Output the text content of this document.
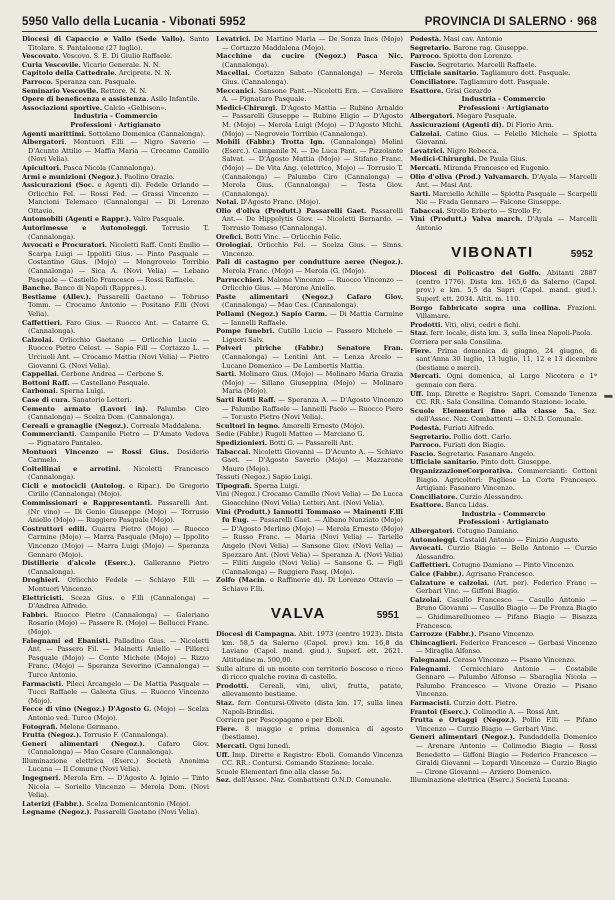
5950 Vallo della Lucania - Vibonati 5952	PROVINCIA DI SALERNO · 968

Diocesi di Capaccio e Vallo (Sede Vallo). Santo Titolare. S. Pantaleone (27 luglio).

Vescovato. Vescovo. S. E. Di Giulio Raffaele.

Curia Vescovile. Vicario Generale. N. N.

Capitolo della Cattedrale. Arciprete. N. N.

Parroco. Speranza can. Pasquale.

Seminario Vescovile. Rettore. N. N.

Opere di beneficenza e assistenza. Asilo Infantile.

Associazioni sportive. Calcio «Gelbison».

Industria - Commercio

Professioni · Artigianato

Agenti marittimi. Sottolano Domenica (Cannalonga).

Albergatori. Montuori F.lli — Nigro Saverio — D'Acunto Attilio — Maffia Maria — Crocamo Camillo (Novi Velia).

Apicultori. Pasca Nicola (Cannalonga).

Armi e munizioni (Negoz.). Paolino Orazio.

Assicurazioni (Soc. e Agenti di). Fedele Orlando — Orlicchio Fel. — Rossi Fed. — Grassi Vincenzo — Mancioni Telemaco (Cannalonga) — Di Lorenzo Ottavio.

Automobili (Agenti e Rappr.). Valro Pasquale.

Autorimesse e Autonoleggi. Torrusio T. (Cannalonga).

Avvocati e Procuratori. Nicoletti Raff. Conti Emilio — Scarpa Luigi — Ippoliti Gius. — Pinto Pasquale — Costantino Gius. (Mojo) — Mongroveio Torribio (Cannalonga) — Sica A. (Novi Velia) — Lebano Pasquale — Castiello Francesco — Rossi Raffaele.

Banche. Banco di Napoli (Rappres.).

Bestiame (Allev.). Passarelli Gaetano — Tobruso Tomm. — Crocamo Antonio — Positano F.lli (Novi Velia).

Caffettieri. Faro Gius. — Ruocco Ant. — Catarre G. (Cannalonga).

Calzolai. Orlicchio Gaetano — Orlicchio Lucio — Ruocco Pietro Celest. — Sapio Fill — Cortazzo L. — Urciuoli Ant. — Crocamo Mattia (Novi Velia) — Pietro Giovanni G. (Novi Velia).

Cappellai. Cerbone Andrea — Cerbone S.

Bottoni Raff. — Castellano Pasquale.

Carbonai. Sperna Luigi.

Case di cura. Sanatorio Letteri.

Cemento armato (Lavori in). Palumbo Ciro (Cannalonga) — Scelza Dom. (Cannalonga).

Cereali e granaglie (Negoz.). Correale Maddalena.

Commercianti. Campanile Pietro — D'Amato Vedova — Pignataro Pantaleo.

Montuori Vincenzo — Rossi Gius. Desiderio Carmelo.

Coltellinai e arrotini. Nicoletti Francesco (Cannalonga).

Cicli e motocicli (Autolog. e Ripar.). De Gregorio Cirillo (Cannalonga) (Mojo).

Commissionari e Rappresentanti. Passarelli Ant. (Nr vino) — Di Genio Giuseppe (Mojo) — Torrusio Aniello (Mojo) — Ruggiero Pasquale (Mojo).

Costruttori edili. Guarra Pietro (Mojo) — Ruocco Carmine (Mojo) — Marra Pasquale (Mojo) — Ippolito Vincenzo (Mojo) — Marra Luigi (Mojo) — Speranza Gennaro (Mojo).

Distillerie d'alcole (Eserc.). Galleranno Pietro (Cannalonga).

Droghieri. Orlicchio Fedele — Schiavo F.lli — Montuori Vincenzo.

Elettricisti. Sceza Gius. e F.lli (Cannalonga) — D'Andrea Alfredo.

Fabbri. Ruocco Pietro (Cannalonga) — Galeriano Rosario (Mojo) — Passere R. (Mojo) — Bellucci Franc. (Mojo).

Falegnami ed Ebanisti. Palladino Gius. — Nicoletti Ant. — Passero Fil. — Mainetti Aniello — Pillerci Pasquale (Mojo) — Conte Michele (Mojo) — Rizzo Franc. (Mojo) — Speranza Severino (Cannalonga) — Turco Antonio.

Farmacisti. Pileci Arcangelo — De Mattia Pasquale — Tucci Raffaele — Galeota Gius. — Ruocco Vincenzo (Mojo).

Fecce di vino (Negoz.) D'Agosto G. (Mojo) — Scelza Antonio ved. Turco (Mojo).

Fotografi. Melone Germano.

Frutta (Negoz.). Torrusio F. (Cannalonga).

Generi alimentari (Negoz.). Cafaro Giov. (Cannalonga) — Mao Cesare (Cannalonga).

Illuminazione elettrica (Eserc.) Società Anonima Lucana — Il Comune (Novi Velia).

Ingegneri. Merola Ern. — D'Agosto A. Iginio — Tinto Nicola — Soriello Vincenzo — Merola Dom. (Novi Velia).

Laterizi (Fabbr.). Scelza Domenicantonio (Mojo).

Legname (Negoz.). Passarelli Gaetano (Novi Velia).

Levatrici. De Martino Maria — De Sonza Ines (Mojo) — Cortazzo Maddalena (Mojo).

Macchine da cucire (Negoz.) Pasca Nic. (Cannalonga).

Macellai. Cortazzo Sabato (Cannalonga) — Merola Gius. (Cannalonga).

Meccanici. Sansone Pant.—Nicoletti Ern. — Cavaliere A. — Pignataro Pasquale.

Medici-Chirurgi. D'Agosto Mattia — Rubino Arnaldo — Passarelli Giuseppe — Rubino Eligio — D'Agosto M. (Mojo) — Merola Luigi (Mojo) — D'Agosto Michi. (Mojo) — Negroveio Torribio (Cannalonga).

Mobili (Fabbr.) Trotta Ign. (Cannalonga) Molini (Eserc.). Campanile N. — De Luca Pant. — Pizzolante Salvat. — D'Agosto Mattia (Mojo) — Stifano Franc. (Mojo) — De Vita Ang. (elettrico, Mojo) — Torrusio T. (Cannalonga) — Palumbo Ciro (Cannalonga) — Merola Gius. (Cannalonga) — Testa Giov. (Cannalonga).

Notai. D'Agosto Franc. (Mojo).

Olio d'oliva (Produtt.) Passarelli Gaet. Passarelli Ant.— De Hippolytis Giov. — Nicoletti Bernardo. — Torrusio Tomaso (Cannalonga).

Orefici. Botti Vinc. — Orlicchio Felic.

Orologiai. Orlicchio Fel. — Scelza Gius. — Sinns. Vincenzo.

Pali di castagno per condutture aeree (Negoz.). Merola Franc. (Mojo) — Merola (G. (Mojo).

Parrucchieri. Malone Vincenzo — Ruocco Vincenzo — Orlicchio Gius. — Marone Aniello.

Paste alimentari (Negoz.) Cafaro Giov. (Cannalonga) — Mao Ces. (Cannalonga).

Pollami (Negoz.) Sapio Carm. — Di Mattia Carmine — Iannelli Raffaele.

Pompe funebri. Cutillo Lucio — Passero Michele — Liguori Salv.

Polveri piriche (Fabbr.) Senatore Fran. (Cannalonga) — Lentini Ant. — Lenza Arcelo — Lucano Domenico — De Lambertis Mattia.

Sarti. Molinaro Gius. (Mojo) — Molinaro Maria Grazia (Mojo) — Sillano Giuseppina (Mojo) — Molinaro Maria (Mojo).

Sarti Rotti Raff. — Speranza A. — D'Agosto Vincenzo — Palumbo Raffaele — Iannelli Paolo — Ruocco Piero — Tor.usto Pietro (Novi Velia).

Scultori in legno. Amorelli Ernesto (Mojo).

Sedie (Fabbr.) Rugoli Matteo — Marciano G.

Spedizionieri. Botti G. — Passarelli Ant.

Tabaccai. Nicoletti Giovanni — D'Acunto A. — Schiavo Gaet. — D'Agosto Saverio (Mojo) — Mazzarone Mauro (Mojo).

Tessuti (Negoz.) Sapio Luigi.

Tipografi. Sperna Luigi.

Vini (Negoz.) Crocamo Camillo (Novi Velia) — De Lucca Gioacchino (Novi Velia) Letteri Ant. (Novi Velia).

Vini (Produtt.) Iannotti Tommaso — Mainenti F.lli fu Eug. — Passarelli Gaet. — Albano Nunziato (Mojo) — D'Agosto Merlino (Mojo) — Merola Ernesto (Mojo) — Russo Franc. — Maria (Novi Velia) — Tariello Angelo (Novi Velia) — Sansone Giov. (Novi Velia) — Spezzaro Ant. (Novi Velia) — Speranza A. (Novi Velia) — Filiti Angelo (Novi Velia) — Sansone G. — Figli (Cannalonga) — Ruggiero Pasq. (Mojo).

Zolfo (Macin. e Raffinerie di). Di Lorenzo Ottavio — Schiavo F.lli.

VALVA	5951

Diocesi di Campagna. Abit. 1973 (centro 1923). Dista km. 58,5 da Salerno (Capol. prov.) km. 16,8 da Laviano (Capol. mand. giud.). Superf. ett. 2621. Altitudine m. 500,00.

Sulle alture di un monte con territorio boscoso e ricco di ricco qualche rovina di castello.

Prodotti. Cereali, vini, ulivi, frutta, patate, allevamento bestiame.

Staz. ferr. Contursi-Oliveto (dista km. 17, sulla linea Napoli-Brindisi.

Corriera per Pescopagano e per Eboli.

Fiere. 8 maggio e prima domenica di agosto (bestiame).

Mercati. Ogni lunedì.

Uff. Imp. Dirette e Registro: Eboli. Comando Vincenza CC. RR.: Contursi. Comando Stazione: locale.

Scuole Elementari fino alla classe 5a.

Sez. dell'Assoc. Naz. Combattenti O.N.D. Comunale.

Podestà. Masi cav. Antonio

Segretario. Barone rag. Giuseppe.

Parroco. Spiotta don Lorenzo.

Fascio. Segretario. Marcelli Raffaele.

Ufficiale sanitario. Tagliamuro dott. Pasquale.

Conciliatore. Tagliamuro dott. Pasquale.

Esattore. Grisi Gerardo

Industria - Commercio

Professioni · Artigianato

Albergatori. Megaro Pasquale.

Assicurazioni (Agenti di). Di Florio Arm.

Calzolai. Catino Gius. — Felello Michele — Spiotta Giovanni.

Levatrici. Nigro Rebecca.

Medici-Chirurghi. De Paula Gius.

Mercati. Miranda Francesco ed Eugenio.

Olio d'oliva (Prod.) Valvamarch. D'Ayala — Marcelli Ant. — Masi Ant.

Sarti. Marciello Achille — Spiotta Pasquale — Scarpelli Nic — Frada Gennaro — Falcone Giuseppe.

Tabaccai. Strollo Erberto — Strollo Fr.

Vini (Produtt.) Valva march. D'Ayala — Marcelli Antonio

VIBONATI	5952

Diocesi di Policastro del Golfo. Abitanti 2887 (centro 1776). Dista km. 165,6 da Salerno (Capol. prov.) e km. 5,5 da Sapri (Capol. mand. giud.). Superf. ett. 2034. Altit. m. 110.

Borgo fabbricato sopra una collina. Frazioni. Villamare.

Prodotti. Viti, olivi, cedri e fichi.

Staz. ferr. locale, dista km. 3, sulla linea Napoli-Paola.

Corriera per sala Consilina.

Fiere. Prima domenica di giugno, 24 giugno, di sant'Anna 30 luglio, 13 luglio, 11, 12 e 13 dicembre (bestiame e merci).

Mercati. Ogni domenica, al Largo Nicotera e 1ª gennaio con fiera.

Uff. Imp. Dirette e Registro: Sapri. Comando Tenenza CC. RR.: Sala Consilina. Comando Stazione: locale.

Scuole Elementari fino alla classe 5a. Sez. dell'Assoc. Naz. Combattenti — O.N.D. Comunale.

Podestà. Furiati Alfredo.

Segretario. Pollio dott. Carlo.

Parroco. Furiati don Biagio.

Fascio. Segretario. Fasanaro Angelo.

Ufficiale sanitario. Pinto dott. Giuseppe.

OrganizzazioneCorporativa. Commercianti: Cottoni Biagio. Agricoltori: Pagliese La Corte Francesco. Artigiani: Fasanaro Vincenzo.

Conciliatore. Curzio Alessandro.

Esattore. Banca Lidas.

Industria - Commercio

Professioni · Artigianato

Albergatori. Cotugno Damiano.

Autonoleggi. Castaldi Antonio — Finizio Augusto.

Avvocati. Curzio Biagio — Bello Antonio — Curzio Alessandro.

Caffettieri. Cotugno Damiano — Pinto Vincenzo.

Calce (Fabbr.). Agrisano Francesco.

Calzature e calzolai. (Art. per). Federico Franc — Gerbari Vinc. — Giffoni Biagio.

Calzolai. Casullo Francesco — Casullo Antonio — Bruno Giovanni — Casullo Biagio — De Frenza Biagio — Ghidimarelluomeo — Pifano Biagio — Bisazza Francesco.

Carrozze (Fabbr.). Pisano Vincenzo.

Chincaglieri. Federico Francesco — Gerbasi Vincenzo — Miraglia Alfonso.

Falegnami. Ceraso Vincenzo — Pisano Vincenzo.

Falegnami. Cernicchiaro Antonio — Costabile Gennaro — Palumbo Alfonso — Sbaraglia Nicola — Palumbo Francesco — Vivone Orazio — Pisano Vincenzo.

Farmacisti. Curzio dott. Pietro.

Frantoi (Eserc.). Colimodio A. — Rossi Ant.

Frutta e Ortaggi (Negoz.). Pollio F.lli — Pifano Vincenzo — Curzio Biagio — Gerbari Vinc.

Generi alimentari (Negoz.). Pandaddella Domenico — Arenare Antonio — Colimodio Biagio — Rossi Benedetto — Giffoni Biagio — Federico Francesco — Giraldi Giovanni — Lopardi Vincenzo — Curzio Biagio — Cirone Giovanni — Arziero Domenico.

Illuminazione elettrica (Eserc.) Società Lucana.

▌
